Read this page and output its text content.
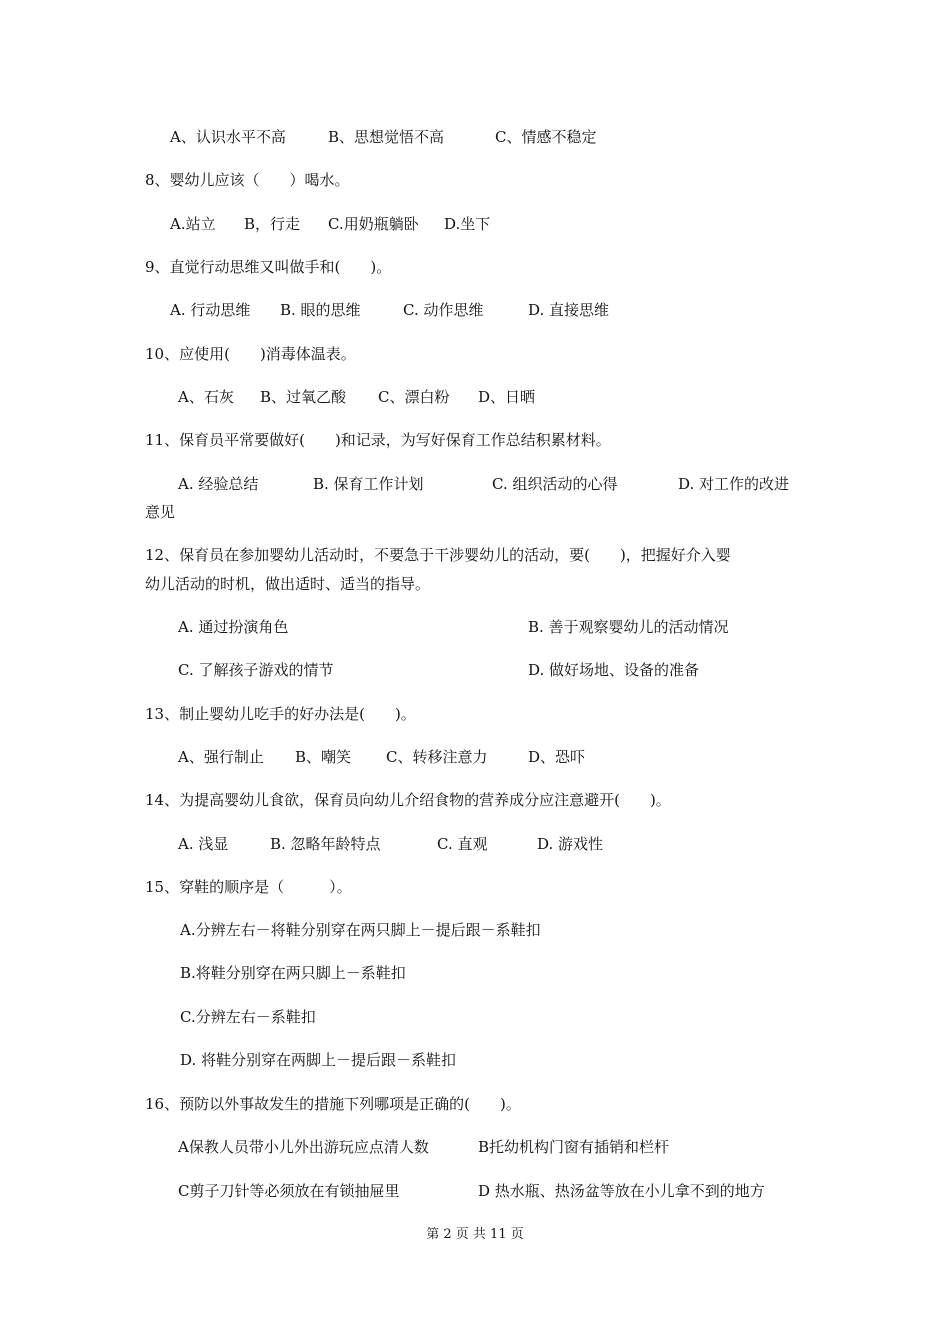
A、认识水平不高	B、思想觉悟不高	C、情感不稳定
8、婴幼儿应该（　　）喝水。
A.站立 B，行走 C.用奶瓶躺卧 D.坐下
9、直觉行动思维又叫做手和(　　)。
A. 行动思维 B. 眼的思维	C. 动作思维	D. 直接思维
10、应使用(　　)消毒体温表。
A、石灰 B、过氧乙酸 C、漂白粉 D、日晒
11、保育员平常要做好(　　)和记录，为写好保育工作总结积累材料。
A. 经验总结	B. 保育工作计划	C. 组织活动的心得	D. 对工作的改进
意见
12、保育员在参加婴幼儿活动时，不要急于干涉婴幼儿的活动，要(　　)，把握好介入婴
幼儿活动的时机，做出适时、适当的指导。
A. 通过扮演角色	B. 善于观察婴幼儿的活动情况
C. 了解孩子游戏的情节	D. 做好场地、设备的准备
13、制止婴幼儿吃手的好办法是(　　)。
A、强行制止 B、嘲笑 C、转移注意力	D、恐吓
14、为提高婴幼儿食欲，保育员向幼儿介绍食物的营养成分应注意避开(　　)。
A. 浅显	B. 忽略年龄特点	C. 直观	D. 游戏性
15、穿鞋的顺序是（　　　）。
A.分辨左右－将鞋分别穿在两只脚上－提后跟－系鞋扣
B.将鞋分别穿在两只脚上－系鞋扣
C.分辨左右－系鞋扣
D. 将鞋分别穿在两脚上－提后跟－系鞋扣
16、预防以外事故发生的措施下列哪项是正确的(　　)。
A保教人员带小儿外出游玩应点清人数	B托幼机构门窗有插销和栏杆
C剪子刀针等必须放在有锁抽屉里	D 热水瓶、热汤盆等放在小儿拿不到的地方
第 2 页 共 11 页
